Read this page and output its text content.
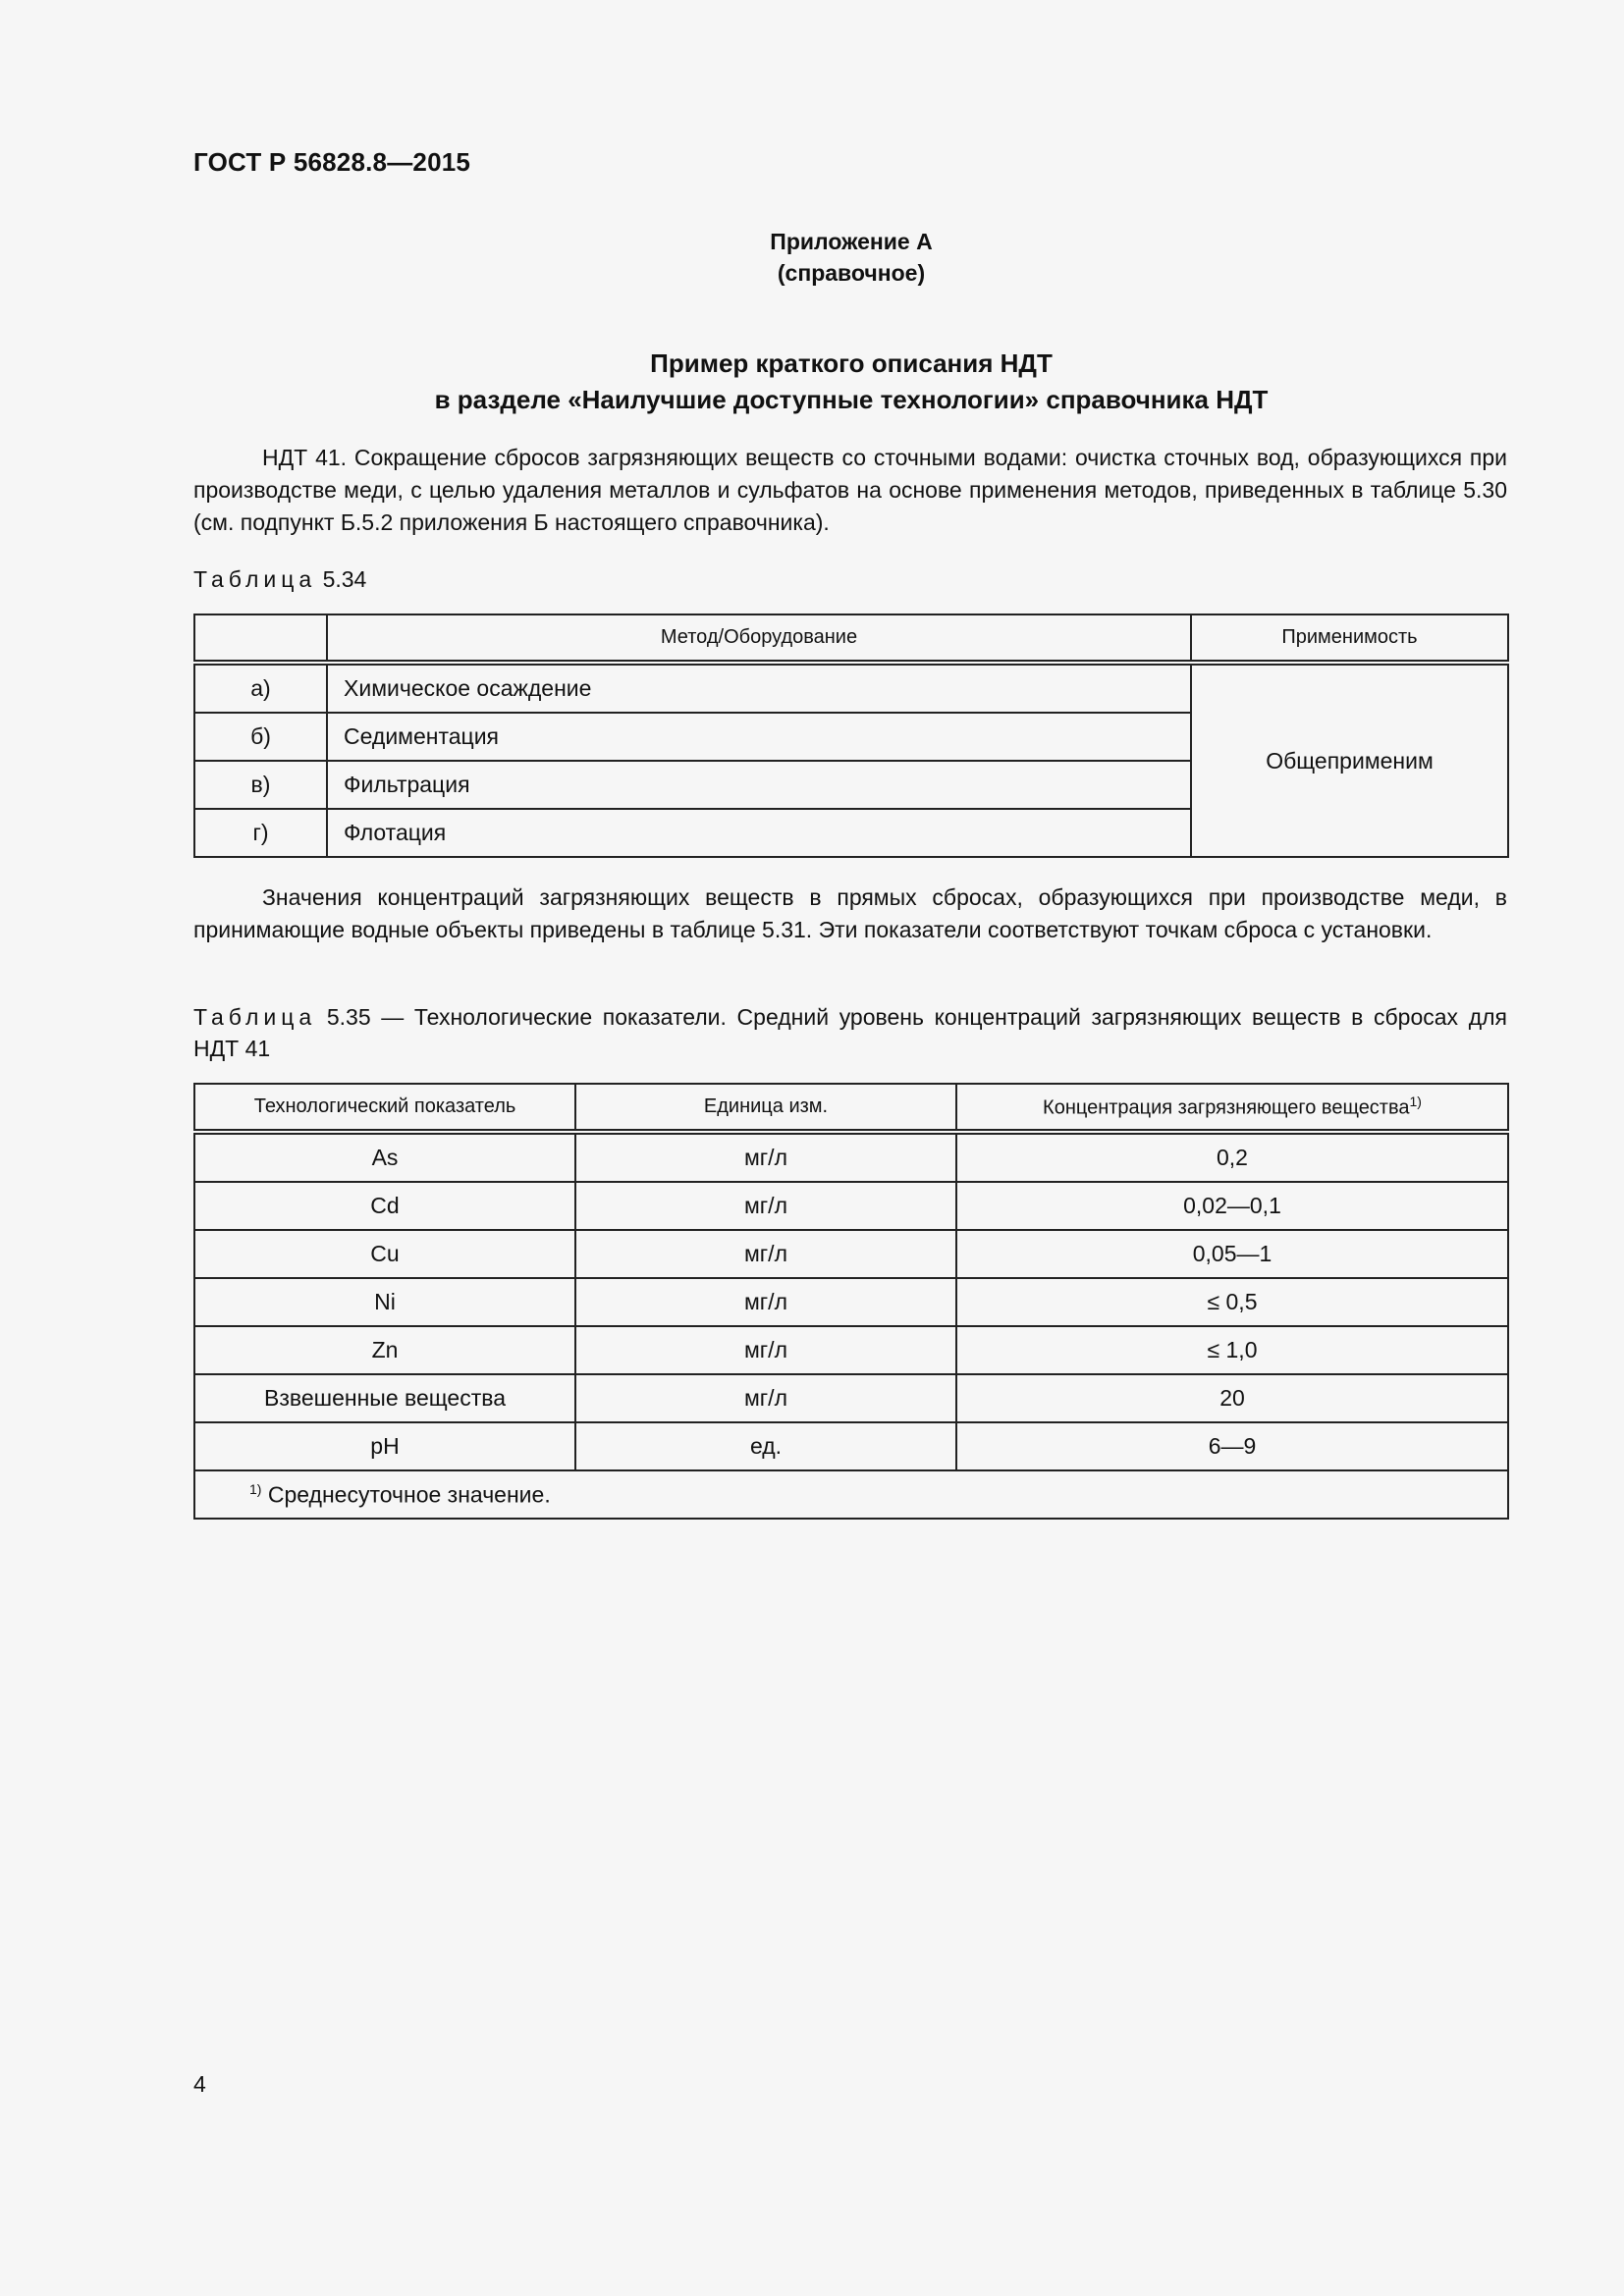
ГОСТ Р 56828.8—2015
Приложение А
(справочное)
Пример краткого описания НДТ
в разделе «Наилучшие доступные технологии» справочника НДТ
НДТ 41. Сокращение сбросов загрязняющих веществ со сточными водами: очистка сточных вод, образующихся при производстве меди, с целью удаления металлов и сульфатов на основе применения методов, приведенных в таблице 5.30 (см. подпункт Б.5.2 приложения Б настоящего справочника).
Таблица 5.34
	Метод/Оборудование	Применимость
а)	Химическое осаждение	Общеприменим
б)	Седиментация	
в)	Фильтрация	
г)	Флотация	
Значения концентраций загрязняющих веществ в прямых сбросах, образующихся при производстве меди, в принимающие водные объекты приведены в таблице 5.31. Эти показатели соответствуют точкам сброса с установки.
Таблица 5.35 — Технологические показатели. Средний уровень концентраций загрязняющих веществ в сбросах для НДТ 41
Технологический показатель	Единица изм.	Концентрация загрязняющего вещества$^{1)}$
As	мг/л	0,2
Cd	мг/л	0,02—0,1
Cu	мг/л	0,05—1
Ni	мг/л	≤ 0,5
Zn	мг/л	≤ 1,0
Взвешенные вещества	мг/л	20
pH	ед.	6—9
$^{1)}$ Среднесуточное значение.		
4
